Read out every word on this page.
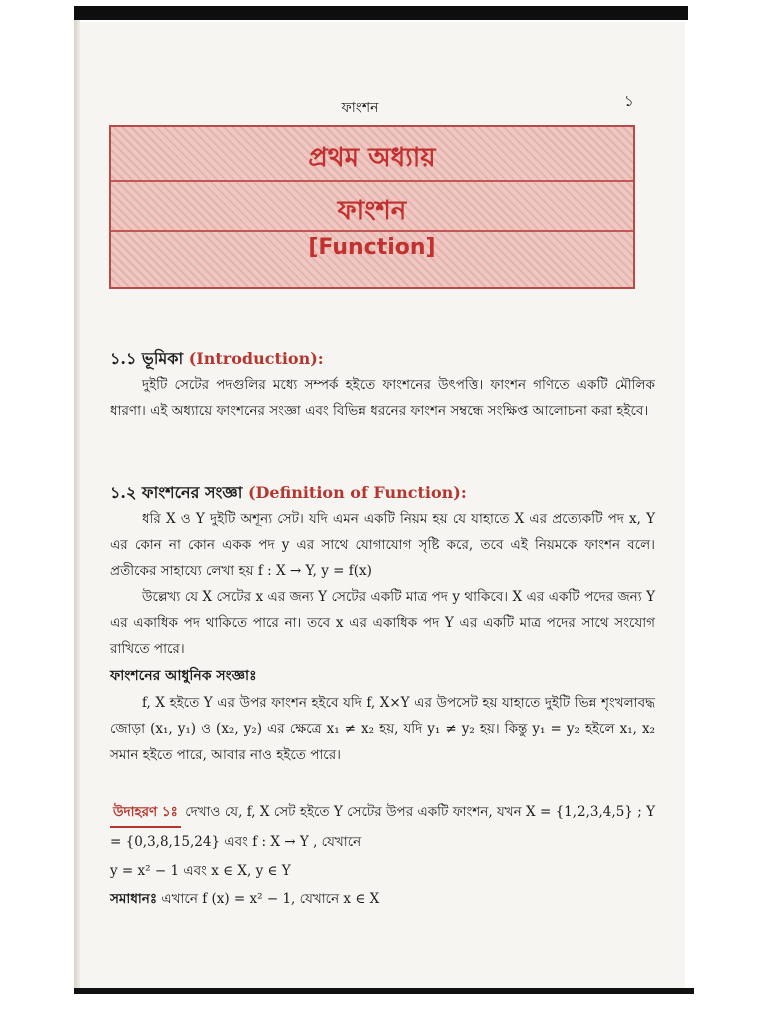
ফাংশন	১
প্রথম অধ্যায়
ফাংশন
[Function]
১.১ ভূমিকা (Introduction):
দুইটি সেটের পদগুলির মধ্যে সম্পর্ক হইতে ফাংশনের উৎপত্তি। ফাংশন গণিতে একটি মৌলিক ধারণা। এই অধ্যায়ে ফাংশনের সংজ্ঞা এবং বিভিন্ন ধরনের ফাংশন সম্বন্ধে সংক্ষিপ্ত আলোচনা করা হইবে।
১.২ ফাংশনের সংজ্ঞা (Definition of Function):
ধরি X ও Y দুইটি অশূন্য সেট। যদি এমন একটি নিয়ম হয় যে যাহাতে X এর প্রত্যেকটি পদ x, Y এর কোন না কোন একক পদ y এর সাথে যোগাযোগ সৃষ্টি করে, তবে এই নিয়মকে ফাংশন বলে। প্রতীকের সাহায্যে লেখা হয় f : X → Y, y = f(x)
উল্লেখ্য যে X সেটের x এর জন্য Y সেটের একটি মাত্র পদ y থাকিবে। X এর একটি পদের জন্য Y এর একাধিক পদ থাকিতে পারে না। তবে x এর একাধিক পদ Y এর একটি মাত্র পদের সাথে সংযোগ রাখিতে পারে।
ফাংশনের আধুনিক সংজ্ঞাঃ
f, X হইতে Y এর উপর ফাংশন হইবে যদি f, X×Y এর উপসেট হয় যাহাতে দুইটি ভিন্ন শৃংখলাবদ্ধ জোড়া (x₁, y₁) ও (x₂, y₂) এর ক্ষেত্রে x₁ ≠ x₂ হয়, যদি y₁ ≠ y₂ হয়। কিন্তু y₁ = y₂ হইলে x₁, x₂ সমান হইতে পারে, আবার নাও হইতে পারে।
উদাহরণ ১ঃ দেখাও যে, f, X সেট হইতে Y সেটের উপর একটি ফাংশন, যখন X = {1,2,3,4,5} ; Y = {0,3,8,15,24} এবং f : X → Y , যেখানে
y = x² − 1 এবং x ∈ X, y ∈ Y
সমাধানঃ এখানে f (x) = x² − 1, যেখানে x ∈ X
